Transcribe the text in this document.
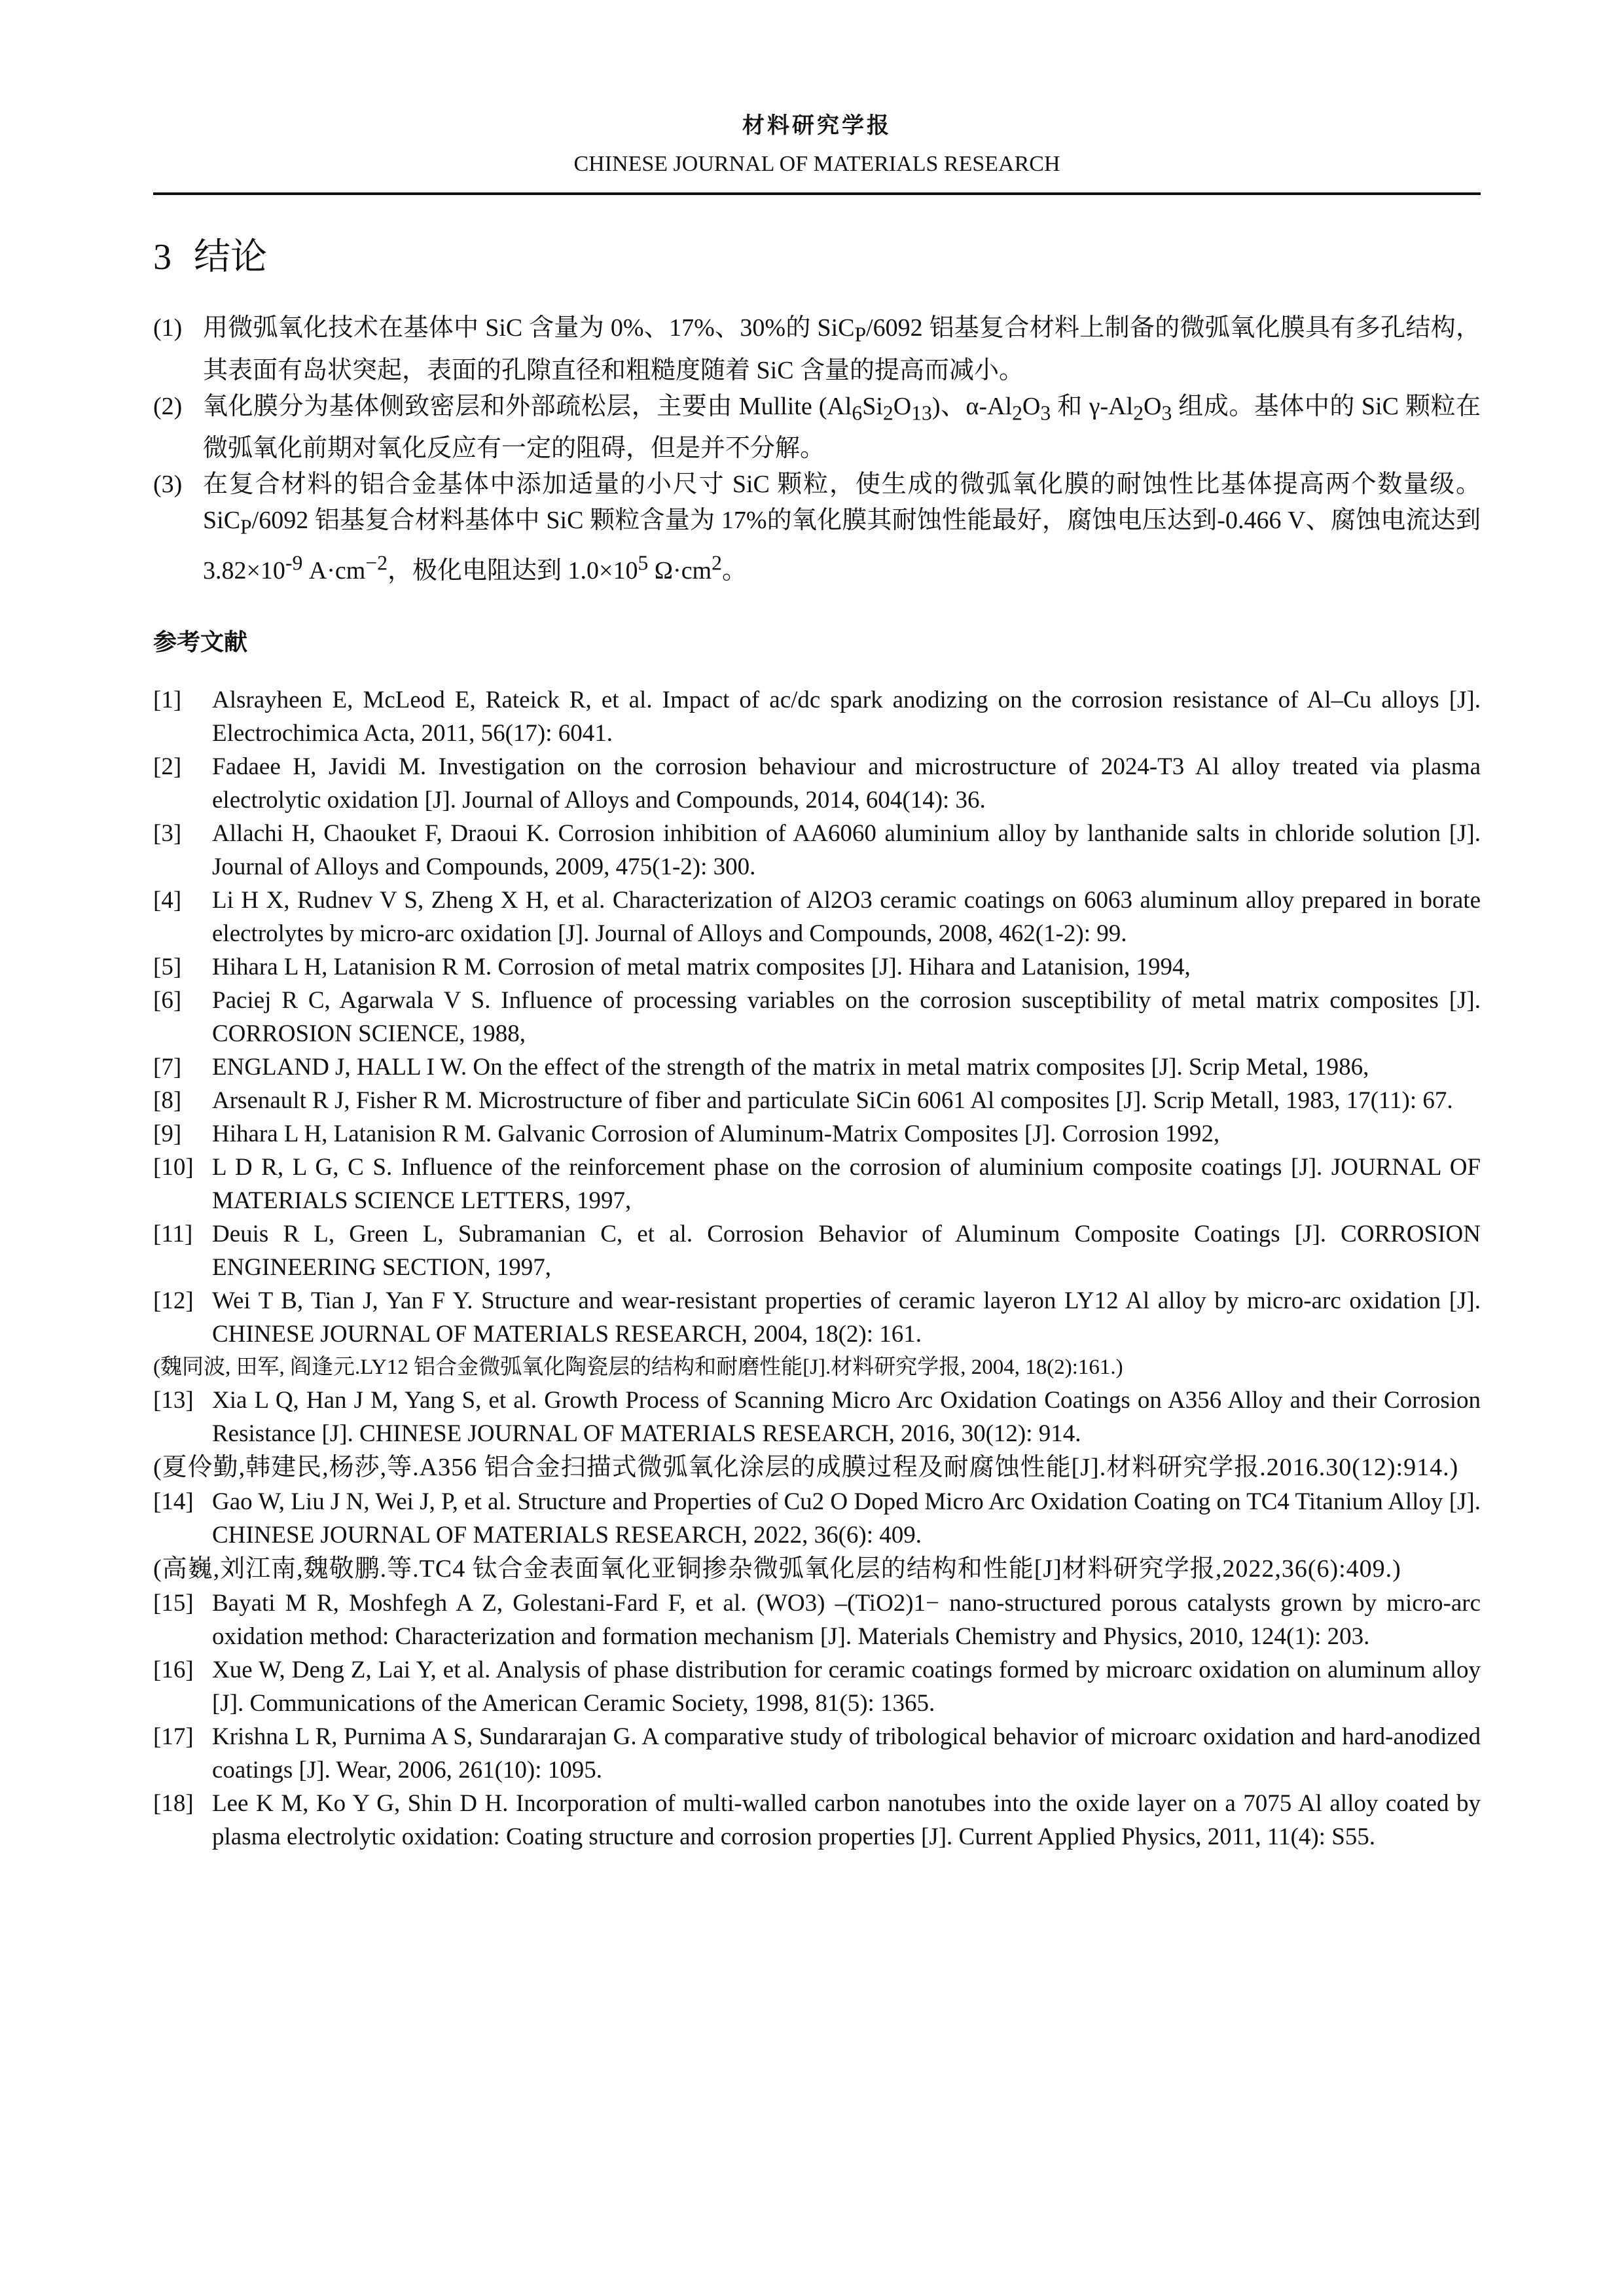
材料研究学报
CHINESE JOURNAL OF MATERIALS RESEARCH
3 结论
(1) 用微弧氧化技术在基体中 SiC 含量为 0%、17%、30%的 SiC$_P$/6092 铝基复合材料上制备的微弧氧化膜具有多孔结构，其表面有岛状突起，表面的孔隙直径和粗糙度随着 SiC 含量的提高而减小。
(2) 氧化膜分为基体侧致密层和外部疏松层，主要由 Mullite $(Al_6Si_2O_{13})$、$\alpha-Al_2O_3$ 和 $\gamma-Al_2O_3$ 组成。基体中的 SiC 颗粒在微弧氧化前期对氧化反应有一定的阻碍，但是并不分解。
(3) 在复合材料的铝合金基体中添加适量的小尺寸 SiC 颗粒，使生成的微弧氧化膜的耐蚀性比基体提高两个数量级。SiC$_P$/6092 铝基复合材料基体中 SiC 颗粒含量为 17%的氧化膜其耐蚀性能最好，腐蚀电压达到-0.466 V、腐蚀电流达到 $3.82\times 10^{-9}$ $A\cdot cm^{-2}$，极化电阻达到 $1.0\times 10^5$ $\Omega\cdot cm^2$。
参考文献
[1] Alsrayheen E, McLeod E, Rateick R, et al. Impact of ac/dc spark anodizing on the corrosion resistance of Al–Cu alloys [J]. Electrochimica Acta, 2011, 56(17): 6041.
[2] Fadaee H, Javidi M. Investigation on the corrosion behaviour and microstructure of 2024-T3 Al alloy treated via plasma electrolytic oxidation [J]. Journal of Alloys and Compounds, 2014, 604(14): 36.
[3] Allachi H, Chaouket F, Draoui K. Corrosion inhibition of AA6060 aluminium alloy by lanthanide salts in chloride solution [J]. Journal of Alloys and Compounds, 2009, 475(1-2): 300.
[4] Li H X, Rudnev V S, Zheng X H, et al. Characterization of Al2O3 ceramic coatings on 6063 aluminum alloy prepared in borate electrolytes by micro-arc oxidation [J]. Journal of Alloys and Compounds, 2008, 462(1-2): 99.
[5] Hihara L H, Latanision R M. Corrosion of metal matrix composites [J]. Hihara and Latanision, 1994,
[6] Paciej R C, Agarwala V S. Influence of processing variables on the corrosion susceptibility of metal matrix composites [J]. CORROSION SCIENCE, 1988,
[7] ENGLAND J, HALL I W. On the effect of the strength of the matrix in metal matrix composites [J]. Scrip Metal, 1986,
[8] Arsenault R J, Fisher R M. Microstructure of fiber and particulate SiCin 6061 Al composites [J]. Scrip Metall, 1983, 17(11): 67.
[9] Hihara L H, Latanision R M. Galvanic Corrosion of Aluminum-Matrix Composites [J]. Corrosion 1992,
[10] L D R, L G, C S. Influence of the reinforcement phase on the corrosion of aluminium composite coatings [J]. JOURNAL OF MATERIALS SCIENCE LETTERS, 1997,
[11] Deuis R L, Green L, Subramanian C, et al. Corrosion Behavior of Aluminum Composite Coatings [J]. CORROSION ENGINEERING SECTION, 1997,
[12] Wei T B, Tian J, Yan F Y. Structure and wear-resistant properties of ceramic layeron LY12 Al alloy by micro-arc oxidation [J]. CHINESE JOURNAL OF MATERIALS RESEARCH, 2004, 18(2): 161.
(魏同波, 田军, 阎逢元.LY12 铝合金微弧氧化陶瓷层的结构和耐磨性能[J].材料研究学报, 2004, 18(2):161.)
[13] Xia L Q, Han J M, Yang S, et al. Growth Process of Scanning Micro Arc Oxidation Coatings on A356 Alloy and their Corrosion Resistance [J]. CHINESE JOURNAL OF MATERIALS RESEARCH, 2016, 30(12): 914.
(夏伶勤,韩建民,杨莎,等.A356 铝合金扫描式微弧氧化涂层的成膜过程及耐腐蚀性能[J].材料研究学报.2016.30(12):914.)
[14] Gao W, Liu J N, Wei J, P, et al. Structure and Properties of Cu2 O Doped Micro Arc Oxidation Coating on TC4 Titanium Alloy [J]. CHINESE JOURNAL OF MATERIALS RESEARCH, 2022, 36(6): 409.
(高巍,刘江南,魏敬鹏.等.TC4 钛合金表面氧化亚铜掺杂微弧氧化层的结构和性能[J]材料研究学报,2022,36(6):409.)
[15] Bayati M R, Moshfegh A Z, Golestani-Fard F, et al. (WO3) –(TiO2)1− nano-structured porous catalysts grown by micro-arc oxidation method: Characterization and formation mechanism [J]. Materials Chemistry and Physics, 2010, 124(1): 203.
[16] Xue W, Deng Z, Lai Y, et al. Analysis of phase distribution for ceramic coatings formed by microarc oxidation on aluminum alloy [J]. Communications of the American Ceramic Society, 1998, 81(5): 1365.
[17] Krishna L R, Purnima A S, Sundararajan G. A comparative study of tribological behavior of microarc oxidation and hard-anodized coatings [J]. Wear, 2006, 261(10): 1095.
[18] Lee K M, Ko Y G, Shin D H. Incorporation of multi-walled carbon nanotubes into the oxide layer on a 7075 Al alloy coated by plasma electrolytic oxidation: Coating structure and corrosion properties [J]. Current Applied Physics, 2011, 11(4): S55.
